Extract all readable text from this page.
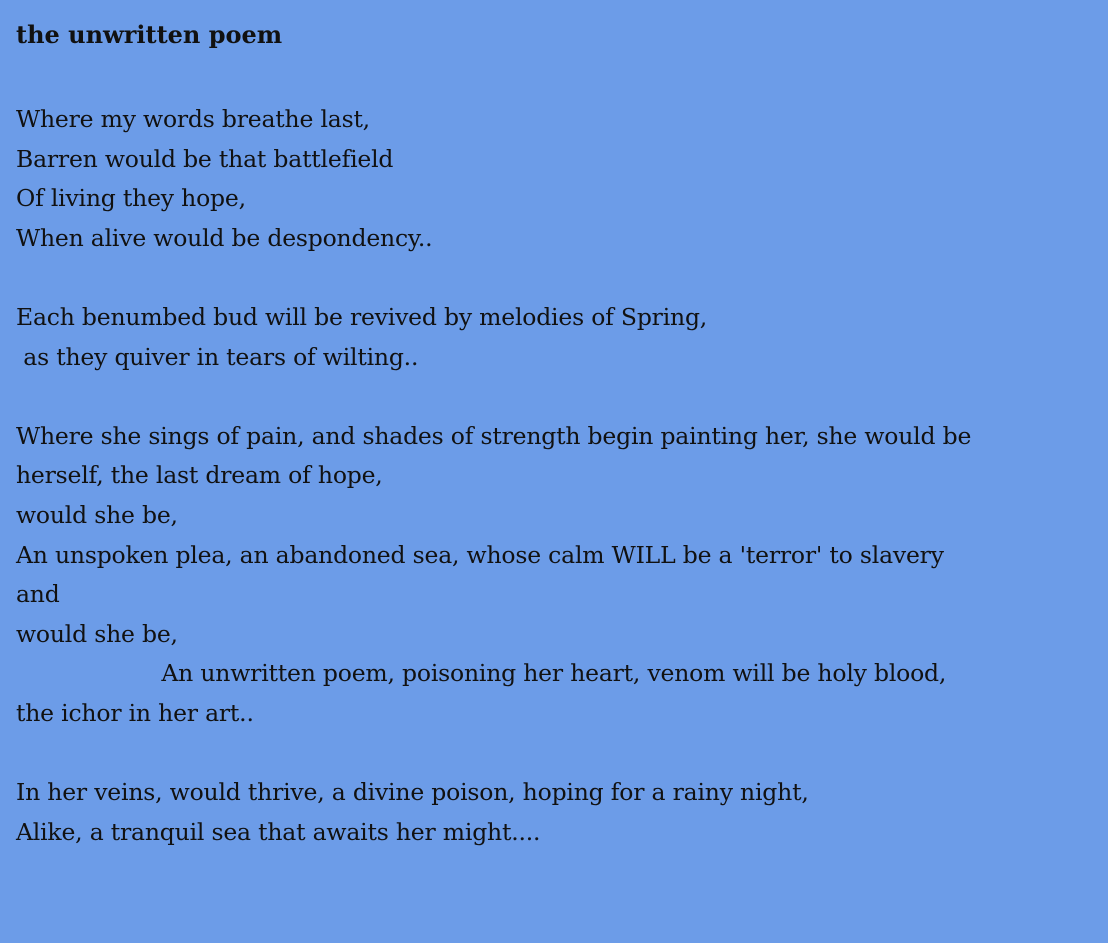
the unwritten poem
Where my words breathe last,
Barren would be that battlefield
Of living they hope,
When alive would be despondency..
Each benumbed bud will be revived by melodies of Spring,
as they quiver in tears of wilting..
Where she sings of pain, and shades of strength begin painting her, she would be
herself, the last dream of hope,
would she be,
An unspoken plea, an abandoned sea, whose calm WILL be a 'terror' to slavery
and
would she be,
An unwritten poem, poisoning her heart, venom will be holy blood,
the ichor in her art..
In her veins, would thrive, a divine poison, hoping for a rainy night,
Alike, a tranquil sea that awaits her might....
